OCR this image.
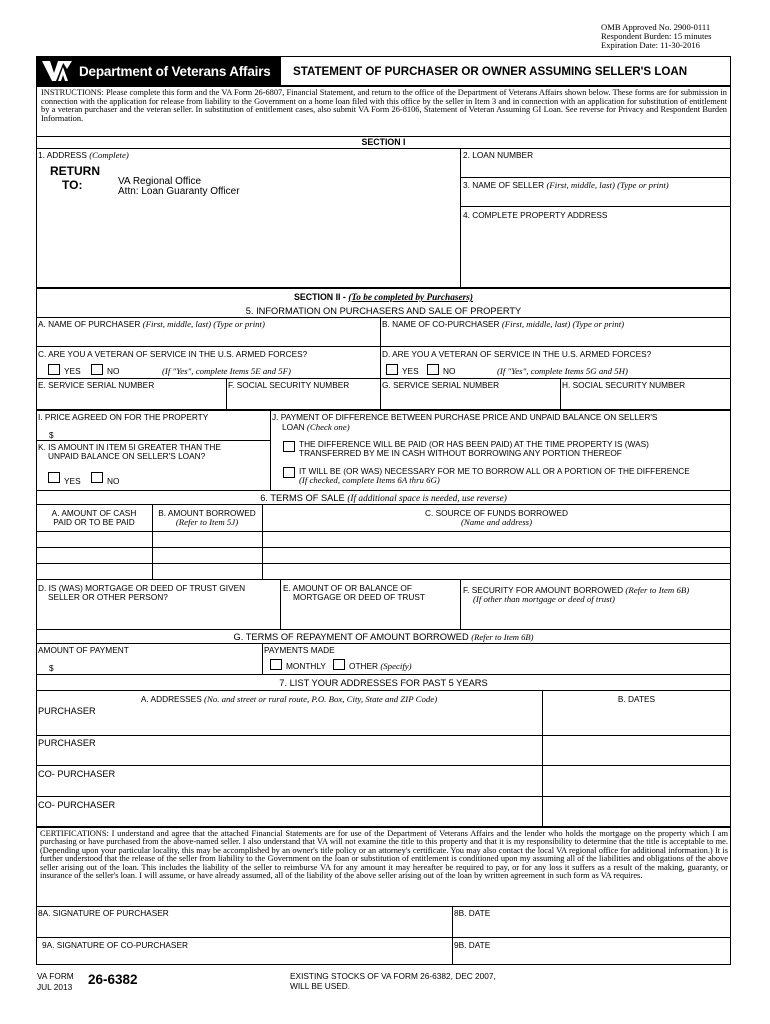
OMB Approved No. 2900-0111
Respondent Burden: 15 minutes
Expiration Date: 11-30-2016
Department of Veterans Affairs STATEMENT OF PURCHASER OR OWNER ASSUMING SELLER'S LOAN
INSTRUCTIONS: Please complete this form and the VA Form 26-6807, Financial Statement, and return to the office of the Department of Veterans Affairs shown below. These forms are for submission in connection with the application for release from liability to the Government on a home loan filed with this office by the seller in Item 3 and in connection with an application for substitution of entitlement by a veteran purchaser and the veteran seller. In substitution of entitlement cases, also submit VA Form 26-8106, Statement of Veteran Assuming GI Loan. See reverse for Privacy and Respondent Burden Information.
SECTION I
1. ADDRESS (Complete)
RETURN
TO:	VA Regional Office
Attn: Loan Guaranty Officer
2. LOAN NUMBER
3. NAME OF SELLER (First, middle, last) (Type or print)
4. COMPLETE PROPERTY ADDRESS
SECTION II - (To be completed by Purchasers)
5. INFORMATION ON PURCHASERS AND SALE OF PROPERTY
A. NAME OF PURCHASER (First, middle, last) (Type or print)	B. NAME OF CO-PURCHASER (First, middle, last) (Type or print)
C. ARE YOU A VETERAN OF SERVICE IN THE U.S. ARMED FORCES?	D. ARE YOU A VETERAN OF SERVICE IN THE U.S. ARMED FORCES?
YES	NO	(If "Yes", complete Items 5E and 5F)	YES	NO	(If "Yes", complete Items 5G and 5H)
E. SERVICE SERIAL NUMBER	F. SOCIAL SECURITY NUMBER	G. SERVICE SERIAL NUMBER	H. SOCIAL SECURITY NUMBER
I. PRICE AGREED ON FOR THE PROPERTY
$
K. IS AMOUNT IN ITEM 5I GREATER THAN THE
UNPAID BALANCE ON SELLER'S LOAN?
YES	NO
J. PAYMENT OF DIFFERENCE BETWEEN PURCHASE PRICE AND UNPAID BALANCE ON SELLER'S
LOAN (Check one)
THE DIFFERENCE WILL BE PAID (OR HAS BEEN PAID) AT THE TIME PROPERTY IS (WAS)
TRANSFERRED BY ME IN CASH WITHOUT BORROWING ANY PORTION THEREOF
IT WILL BE (OR WAS) NECESSARY FOR ME TO BORROW ALL OR A PORTION OF THE DIFFERENCE
(If checked, complete Items 6A thru 6G)
6. TERMS OF SALE (If additional space is needed, use reverse)
A. AMOUNT OF CASH
PAID OR TO BE PAID
B. AMOUNT BORROWED
(Refer to Item 5J)
C. SOURCE OF FUNDS BORROWED
(Name and address)
D. IS (WAS) MORTGAGE OR DEED OF TRUST GIVEN
SELLER OR OTHER PERSON?
E. AMOUNT OF OR BALANCE OF
MORTGAGE OR DEED OF TRUST
F. SECURITY FOR AMOUNT BORROWED (Refer to Item 6B)
(If other than mortgage or deed of trust)
G. TERMS OF REPAYMENT OF AMOUNT BORROWED (Refer to Item 6B)
AMOUNT OF PAYMENT
$
PAYMENTS MADE
MONTHLY	OTHER (Specify)
7. LIST YOUR ADDRESSES FOR PAST 5 YEARS
A. ADDRESSES (No. and street or rural route, P.O. Box, City, State and ZIP Code)	B. DATES
PURCHASER
PURCHASER
CO- PURCHASER
CO- PURCHASER
CERTIFICATIONS: I understand and agree that the attached Financial Statements are for use of the Department of Veterans Affairs and the lender who holds the mortgage on the property which I am purchasing or have purchased from the above-named seller. I also understand that VA will not examine the title to this property and that it is my responsibility to determine that the title is acceptable to me. (Depending upon your particular locality, this may be accomplished by an owner's title policy or an attorney's certificate. You may also contact the local VA regional office for additional information.) It is further understood that the release of the seller from liability to the Government on the loan or substitution of entitlement is conditioned upon my assuming all of the liabilities and obligations of the above seller arising out of the loan. This includes the liability of the seller to reimburse VA for any amount it may hereafter be required to pay, or for any loss it suffers as a result of the making, guaranty, or insurance of the seller's loan. I will assume, or have already assumed, all of the liability of the above seller arising out of the loan by written agreement in such form as VA requires.
8A. SIGNATURE OF PURCHASER	8B. DATE
9A. SIGNATURE OF CO-PURCHASER	9B. DATE
VA FORM
JUL 2013 26-6382	EXISTING STOCKS OF VA FORM 26-6382, DEC 2007,
WILL BE USED.
